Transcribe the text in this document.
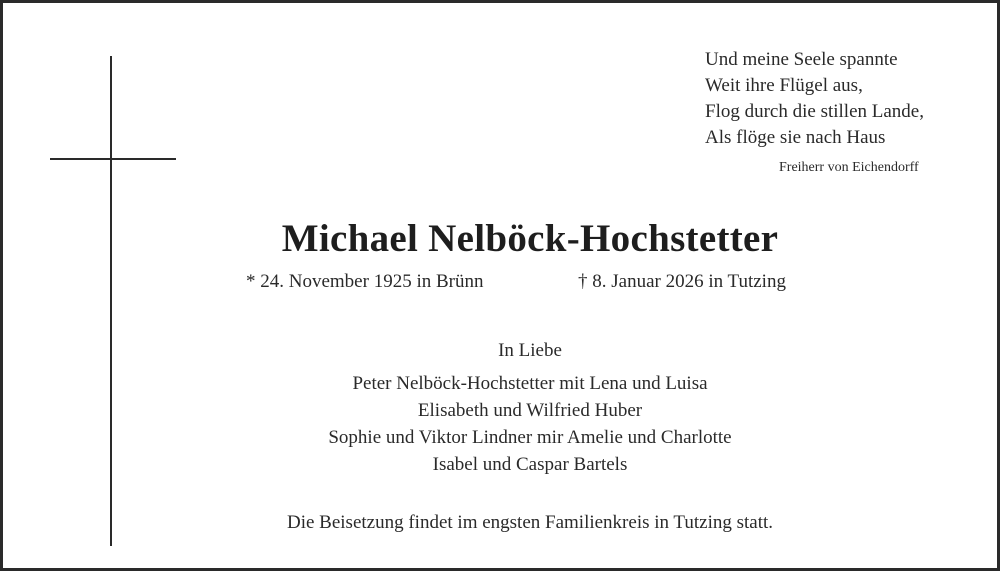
Und meine Seele spannte
Weit ihre Flügel aus,
Flog durch die stillen Lande,
Als flöge sie nach Haus
Freiherr von Eichendorff
Michael Nelböck-Hochstetter
* 24. November 1925 in Brünn	† 8. Januar 2026 in Tutzing
In Liebe
Peter Nelböck-Hochstetter mit Lena und Luisa
Elisabeth und Wilfried Huber
Sophie und Viktor Lindner mir Amelie und Charlotte
Isabel und Caspar Bartels
Die Beisetzung findet im engsten Familienkreis in Tutzing statt.
